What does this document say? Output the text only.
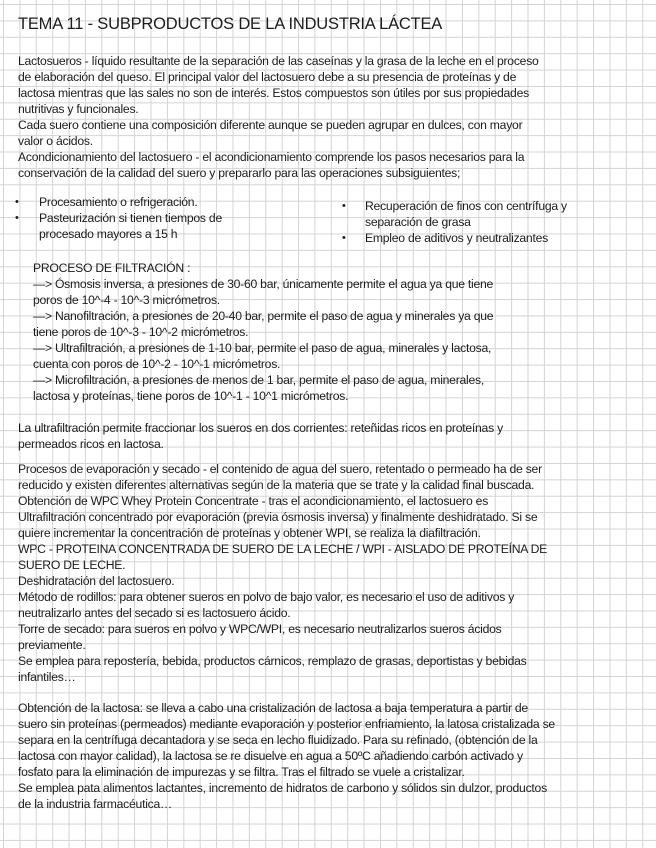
TEMA 11 - SUBPRODUCTOS DE LA INDUSTRIA LÁCTEA
Lactosueros - líquido resultante de la separación de las caseínas y la grasa de la leche en el proceso
de elaboración del queso. El principal valor del lactosuero debe a su presencia de proteínas y de
lactosa mientras que las sales no son de interés. Estos compuestos son útiles por sus propiedades
nutritivas y funcionales.
Cada suero contiene una composición diferente aunque se pueden agrupar en dulces, con mayor
valor o ácidos.
Acondicionamiento del lactosuero - el acondicionamiento comprende los pasos necesarios para la
conservación de la calidad del suero y prepararlo para las operaciones subsiguientes;
•
•
Procesamiento o refrigeración.
Pasteurización si tienen tiempos de
procesado mayores a 15 h
•
•
Recuperación de finos con centrífuga y
separación de grasa
Empleo de aditivos y neutralizantes
PROCESO DE FILTRACIÓN :
—> Ósmosis inversa, a presiones de 30-60 bar, únicamente permite el agua ya que tiene
poros de 10^-4 - 10^-3 micrómetros.
—> Nanofiltración, a presiones de 20-40 bar, permite el paso de agua y minerales ya que
tiene poros de 10^-3 - 10^-2 micrómetros.
—> Ultrafiltración, a presiones de 1-10 bar, permite el paso de agua, minerales y lactosa,
cuenta con poros de 10^-2 - 10^-1 micrómetros.
—> Microfiltración, a presiones de menos de 1 bar, permite el paso de agua, minerales,
lactosa y proteínas, tiene poros de 10^-1 - 10^1 micrómetros.
La ultrafiltración permite fraccionar los sueros en dos corrientes: reteñidas ricos en proteínas y
permeados ricos en lactosa.
Procesos de evaporación y secado - el contenido de agua del suero, retentado o permeado ha de ser
reducido y existen diferentes alternativas según de la materia que se trate y la calidad final buscada.
Obtención de WPC Whey Protein Concentrate - tras el acondicionamiento, el lactosuero es
Ultrafiltración concentrado por evaporación (previa ósmosis inversa) y finalmente deshidratado. Si se
quiere incrementar la concentración de proteínas y obtener WPI, se realiza la diafiltración.
WPC - PROTEINA CONCENTRADA DE SUERO DE LA LECHE / WPI - AISLADO DE PROTEÍNA DE
SUERO DE LECHE.
Deshidratación del lactosuero.
Método de rodillos: para obtener sueros en polvo de bajo valor, es necesario el uso de aditivos y
neutralizarlo antes del secado si es lactosuero ácido.
Torre de secado: para sueros en polvo y WPC/WPI, es necesario neutralizarlos sueros ácidos
previamente.
Se emplea para repostería, bebida, productos cárnicos, remplazo de grasas, deportistas y bebidas
infantiles…
Obtención de la lactosa: se lleva a cabo una cristalización de lactosa a baja temperatura a partir de
suero sin proteínas (permeados) mediante evaporación y posterior enfriamiento, la latosa cristalizada se
separa en la centrífuga decantadora y se seca en lecho fluidizado. Para su refinado, (obtención de la
lactosa con mayor calidad), la lactosa se re disuelve en agua a 50ºC añadiendo carbón activado y
fosfato para la eliminación de impurezas y se filtra. Tras el filtrado se vuele a cristalizar.
Se emplea pata alimentos lactantes, incremento de hidratos de carbono y sólidos sin dulzor, productos
de la industria farmacéutica…
